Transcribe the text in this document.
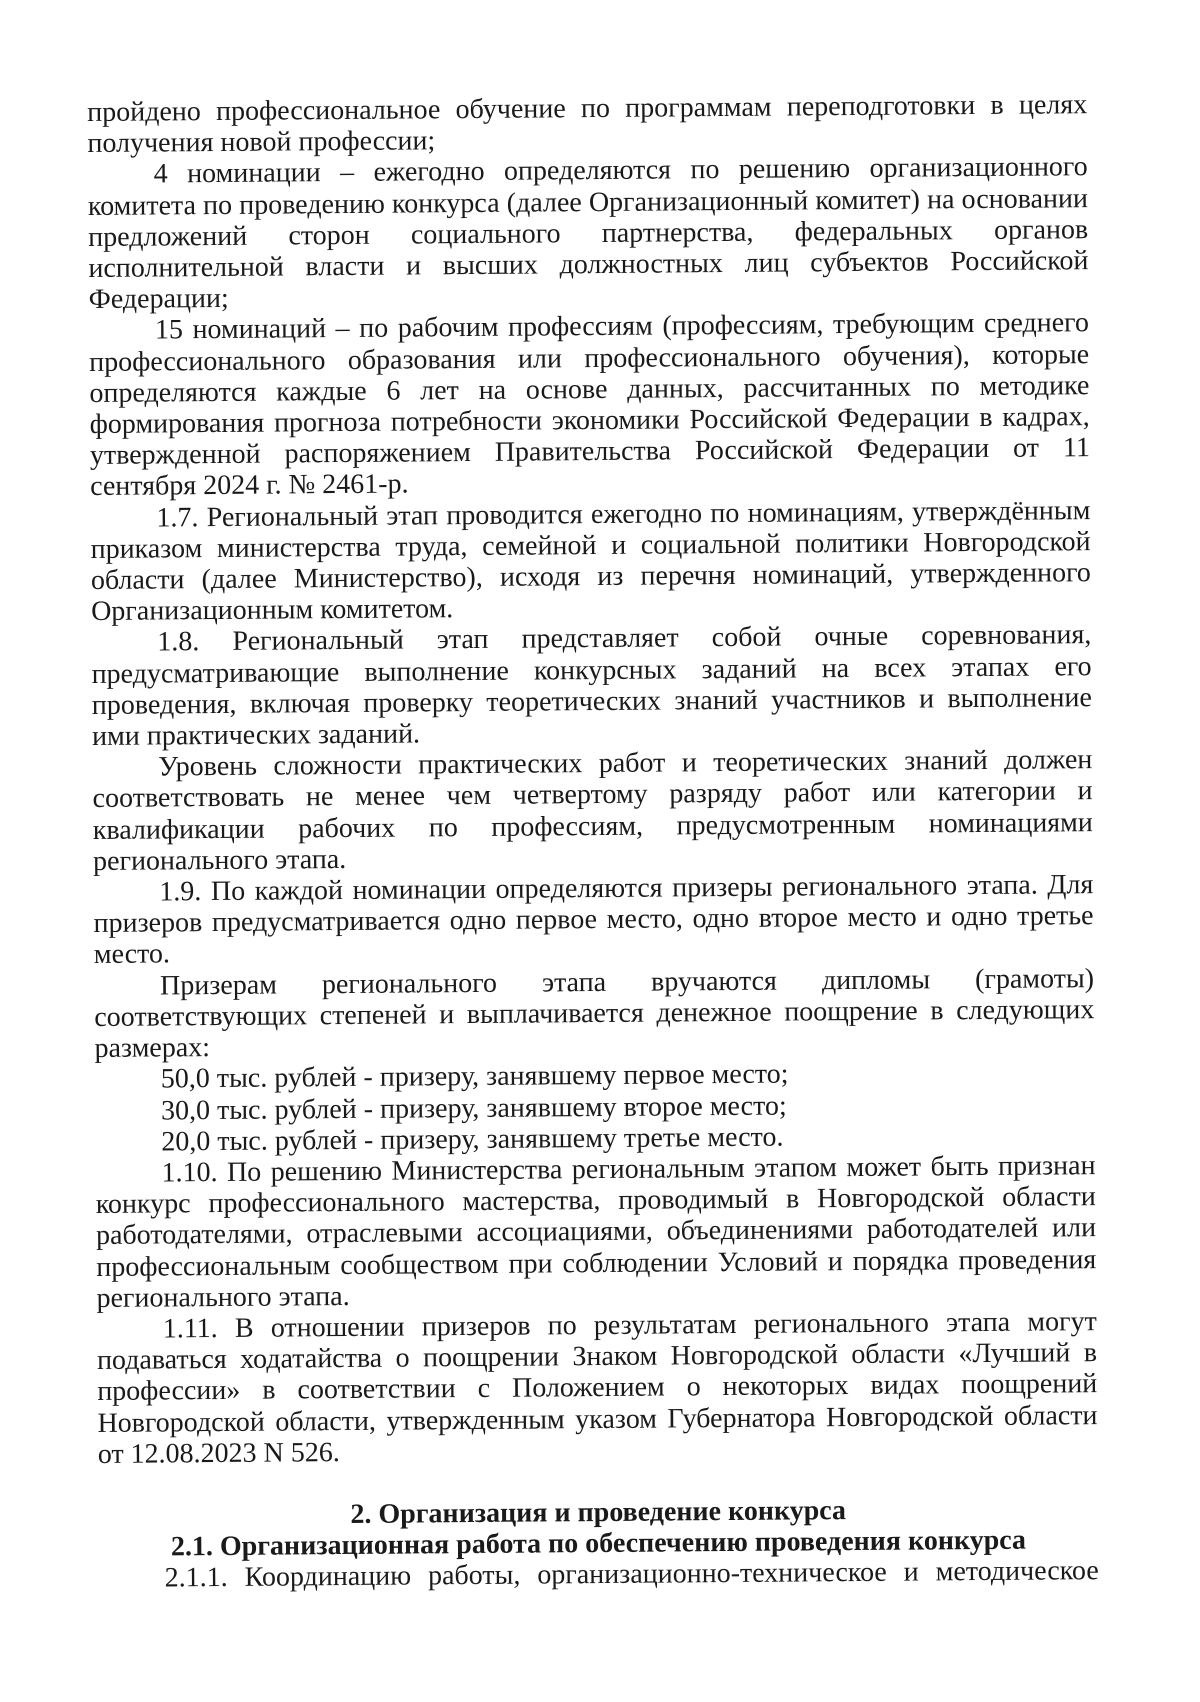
пройдено профессиональное обучение по программам переподготовки в целях получения новой профессии;

4 номинации – ежегодно определяются по решению организационного комитета по проведению конкурса (далее Организационный комитет) на основании предложений сторон социального партнерства, федеральных органов исполнительной власти и высших должностных лиц субъектов Российской Федерации;

15 номинаций – по рабочим профессиям (профессиям, требующим среднего профессионального образования или профессионального обучения), которые определяются каждые 6 лет на основе данных, рассчитанных по методике формирования прогноза потребности экономики Российской Федерации в кадрах, утвержденной распоряжением Правительства Российской Федерации от 11 сентября 2024 г. № 2461-р.

1.7. Региональный этап проводится ежегодно по номинациям, утверждённым приказом министерства труда, семейной и социальной политики Новгородской области (далее Министерство), исходя из перечня номинаций, утвержденного Организационным комитетом.

1.8. Региональный этап представляет собой очные соревнования, предусматривающие выполнение конкурсных заданий на всех этапах его проведения, включая проверку теоретических знаний участников и выполнение ими практических заданий.

Уровень сложности практических работ и теоретических знаний должен соответствовать не менее чем четвертому разряду работ или категории и квалификации рабочих по профессиям, предусмотренным номинациями регионального этапа.

1.9. По каждой номинации определяются призеры регионального этапа. Для призеров предусматривается одно первое место, одно второе место и одно третье место.

Призерам регионального этапа вручаются дипломы (грамоты) соответствующих степеней и выплачивается денежное поощрение в следующих размерах:

50,0 тыс. рублей - призеру, занявшему первое место;

30,0 тыс. рублей - призеру, занявшему второе место;

20,0 тыс. рублей - призеру, занявшему третье место.

1.10. По решению Министерства региональным этапом может быть признан конкурс профессионального мастерства, проводимый в Новгородской области работодателями, отраслевыми ассоциациями, объединениями работодателей или профессиональным сообществом при соблюдении Условий и порядка проведения регионального этапа.

1.11. В отношении призеров по результатам регионального этапа могут подаваться ходатайства о поощрении Знаком Новгородской области «Лучший в профессии» в соответствии с Положением о некоторых видах поощрений Новгородской области, утвержденным указом Губернатора Новгородской области от 12.08.2023 N 526.

2. Организация и проведение конкурса

2.1. Организационная работа по обеспечению проведения конкурса

2.1.1. Координацию работы, организационно-техническое и методическое
